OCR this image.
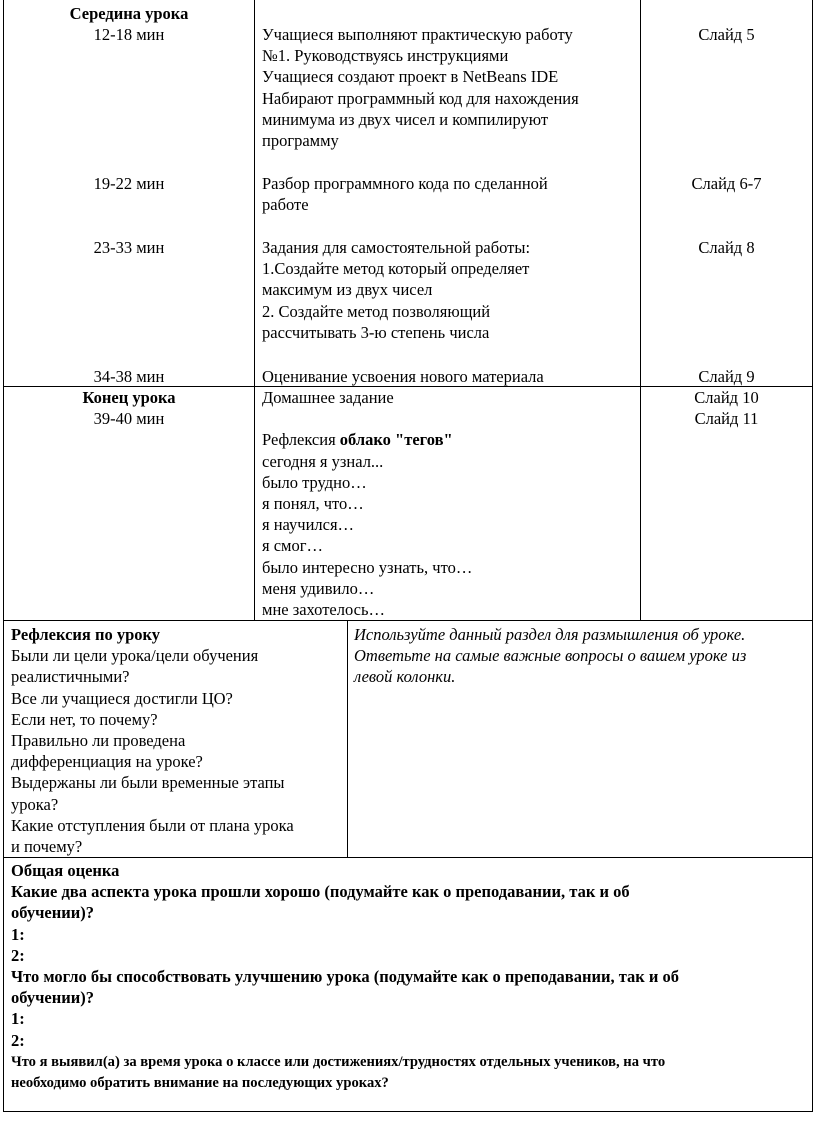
Середина урока
12-18 мин
19-22 мин
23-33 мин
34-38 мин
Учащиеся выполняют практическую работу
№1. Руководствуясь инструкциями
Учащиеся создают проект в NetBeans IDE
Набирают программный код для нахождения
минимума из двух чисел и компилируют
программу
Разбор программного кода по сделанной
работе
Задания для самостоятельной работы:
1.Создайте метод который определяет
максимум из двух чисел
2. Создайте метод позволяющий
рассчитывать 3-ю степень числа
Оценивание усвоения нового материала
Слайд 5
Слайд 6-7
Слайд 8
Слайд 9
Конец урока
39-40 мин
Домашнее задание
Рефлексия облако "тегов"
сегодня я узнал...
было трудно…
я понял, что…
я научился…
я смог…
было интересно узнать, что…
меня удивило…
мне захотелось…
Слайд 10
Слайд 11
Рефлексия по уроку
Были ли цели урока/цели обучения
реалистичными?
Все ли учащиеся достигли ЦО?
Если нет, то почему?
Правильно ли проведена
дифференциация на уроке?
Выдержаны ли были временные этапы
урока?
Какие отступления были от плана урока
и почему?
Используйте данный раздел для размышления об уроке.
Ответьте на самые важные вопросы о вашем уроке из
левой колонки.
Общая оценка
Какие два аспекта урока прошли хорошо (подумайте как о преподавании, так и об
обучении)?
1:
2:
Что могло бы способствовать улучшению урока (подумайте как о преподавании, так и об
обучении)?
1:
2:
Что я выявил(а) за время урока о классе или достижениях/трудностях отдельных учеников, на что
необходимо обратить внимание на последующих уроках?
